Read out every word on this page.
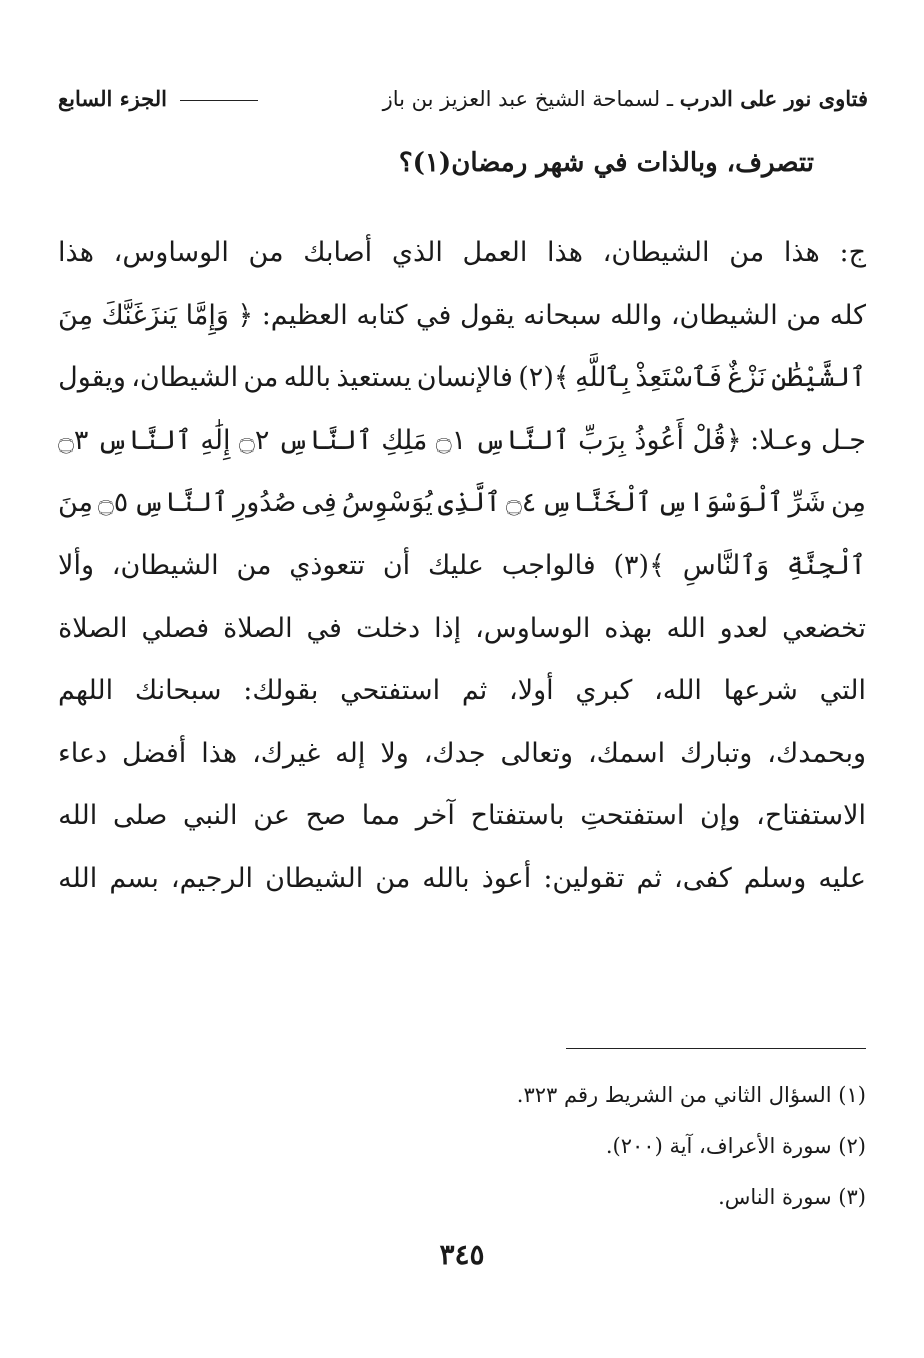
فتاوى نور على الدرب ـ لسماحة الشيخ عبد العزيز بن باز
الجزء السابع
تتصرف، وبالذات في شهر رمضان(١)؟
ج:
هذا
من
الشيطان،
هذا
العمل
الذي
أصابك
من
الوساوس،
هذا
كله
من
الشيطان،
والله
سبحانه
يقول
في
كتابه
العظيم:
﴿
وَإِمَّا
يَنزَغَنَّكَ
مِنَ
ٱلشَّيْطَٰنِ
نَزْغٌ
فَٱسْتَعِذْ
بِٱللَّهِ
﴾(٢)
فالإنسان
يستعيذ
بالله
من
الشيطان،
ويقول
جـل
وعـلا:
﴿قُلْ
أَعُوذُ
بِرَبِّ
ٱلنَّاسِ
۝١
مَلِكِ
ٱلنَّاسِ
۝٢
إِلَٰهِ
ٱلنَّاسِ
۝٣
مِن
شَرِّ
ٱلْوَسْوَاسِ
ٱلْخَنَّاسِ
۝٤
ٱلَّذِى
يُوَسْوِسُ
فِى
صُدُورِ
ٱلنَّاسِ
۝٥
مِنَ
ٱلْجِنَّةِ
وَٱلنَّاسِ
﴾(٣)
فالواجب
عليك
أن
تتعوذي
من
الشيطان،
وألا
تخضعي
لعدو
الله
بهذه
الوساوس،
إذا
دخلت
في
الصلاة
فصلي
الصلاة
التي
شرعها
الله،
كبري
أولا،
ثم
استفتحي
بقولك:
سبحانك
اللهم
وبحمدك،
وتبارك
اسمك،
وتعالى
جدك،
ولا
إله
غيرك،
هذا
أفضل
دعاء
الاستفتاح،
وإن
استفتحتِ
باستفتاح
آخر
مما
صح
عن
النبي
صلى
الله
عليه
وسلم
كفى،
ثم
تقولين:
أعوذ
بالله
من
الشيطان
الرجيم،
بسم
الله
(١) السؤال الثاني من الشريط رقم ٣٢٣.
(٢) سورة الأعراف، آية (٢٠٠).
(٣) سورة الناس.
٣٤٥
